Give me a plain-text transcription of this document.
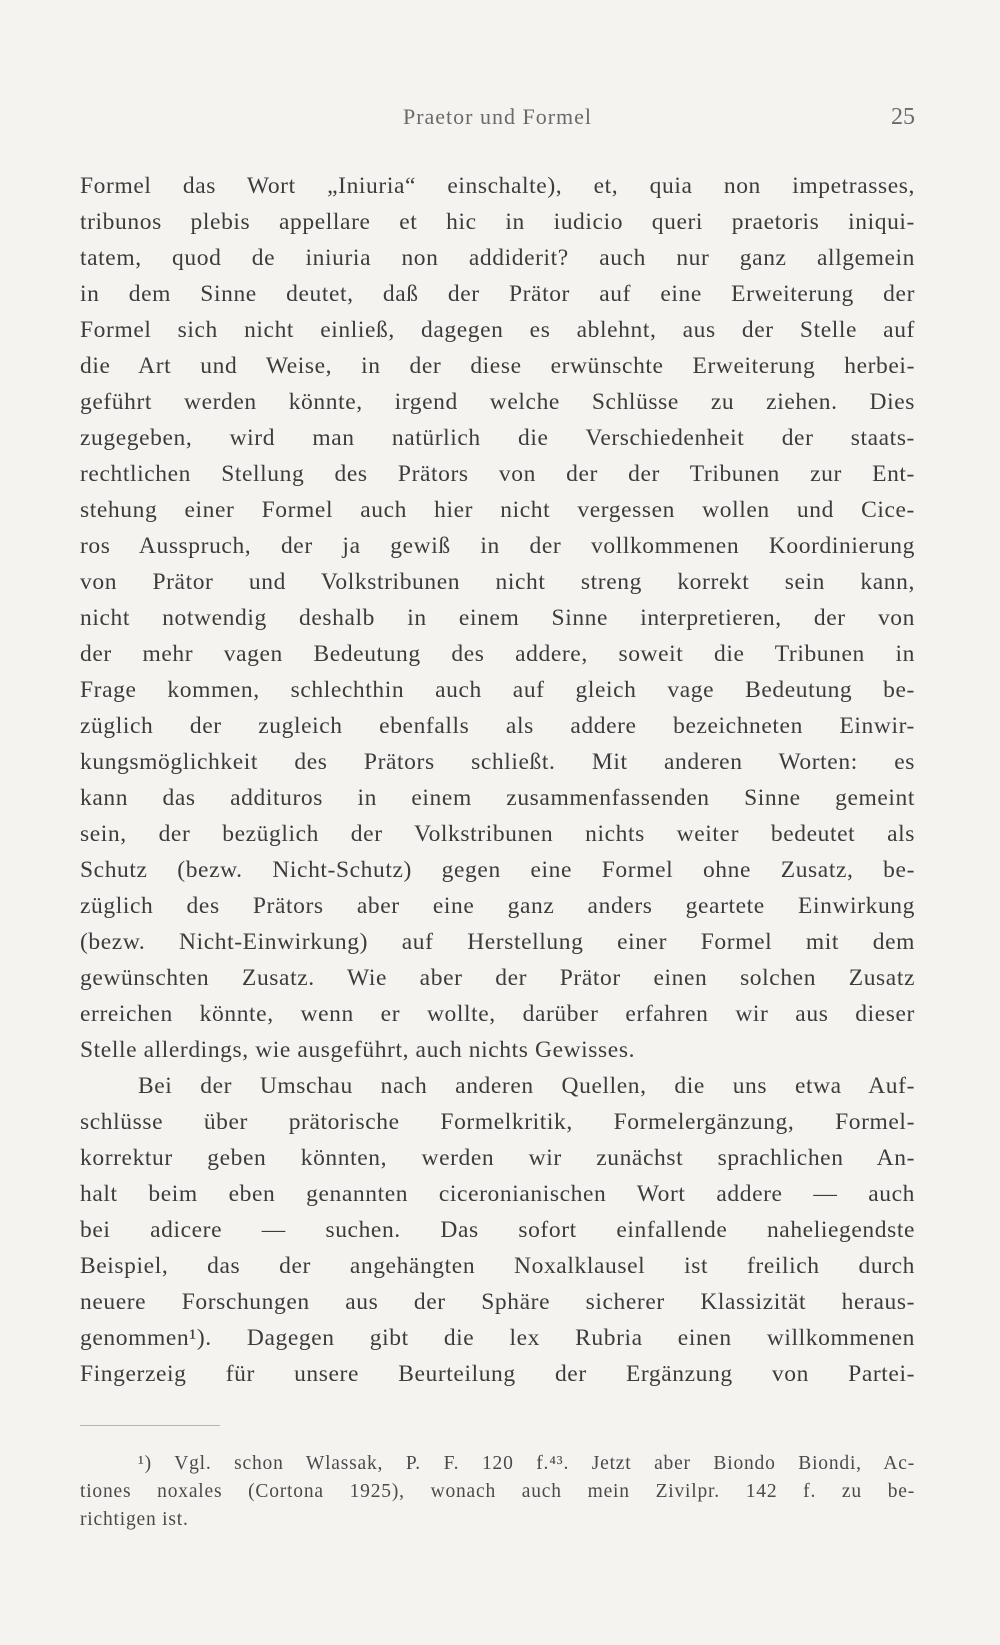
Praetor und Formel	25
Formel das Wort „Iniuria“ einschalte), et, quia non impetrasses,
tribunos plebis appellare et hic in iudicio queri praetoris iniqui-
tatem, quod de iniuria non addiderit? auch nur ganz allgemein
in dem Sinne deutet, daß der Prätor auf eine Erweiterung der
Formel sich nicht einließ, dagegen es ablehnt, aus der Stelle auf
die Art und Weise, in der diese erwünschte Erweiterung herbei-
geführt werden könnte, irgend welche Schlüsse zu ziehen. Dies
zugegeben, wird man natürlich die Verschiedenheit der staats-
rechtlichen Stellung des Prätors von der der Tribunen zur Ent-
stehung einer Formel auch hier nicht vergessen wollen und Cice-
ros Ausspruch, der ja gewiß in der vollkommenen Koordinierung
von Prätor und Volkstribunen nicht streng korrekt sein kann,
nicht notwendig deshalb in einem Sinne interpretieren, der von
der mehr vagen Bedeutung des addere, soweit die Tribunen in
Frage kommen, schlechthin auch auf gleich vage Bedeutung be-
züglich der zugleich ebenfalls als addere bezeichneten Einwir-
kungsmöglichkeit des Prätors schließt. Mit anderen Worten: es
kann das addituros in einem zusammenfassenden Sinne gemeint
sein, der bezüglich der Volkstribunen nichts weiter bedeutet als
Schutz (bezw. Nicht-Schutz) gegen eine Formel ohne Zusatz, be-
züglich des Prätors aber eine ganz anders geartete Einwirkung
(bezw. Nicht-Einwirkung) auf Herstellung einer Formel mit dem
gewünschten Zusatz. Wie aber der Prätor einen solchen Zusatz
erreichen könnte, wenn er wollte, darüber erfahren wir aus dieser
Stelle allerdings, wie ausgeführt, auch nichts Gewisses.
Bei der Umschau nach anderen Quellen, die uns etwa Auf-
schlüsse über prätorische Formelkritik, Formelergänzung, Formel-
korrektur geben könnten, werden wir zunächst sprachlichen An-
halt beim eben genannten ciceronianischen Wort addere — auch
bei adicere — suchen. Das sofort einfallende naheliegendste
Beispiel, das der angehängten Noxalklausel ist freilich durch
neuere Forschungen aus der Sphäre sicherer Klassizität heraus-
genommen¹). Dagegen gibt die lex Rubria einen willkommenen
Fingerzeig für unsere Beurteilung der Ergänzung von Partei-
¹) Vgl. schon Wlassak, P. F. 120 f.⁴³. Jetzt aber Biondo Biondi, Ac-
tiones noxales (Cortona 1925), wonach auch mein Zivilpr. 142 f. zu be-
richtigen ist.
